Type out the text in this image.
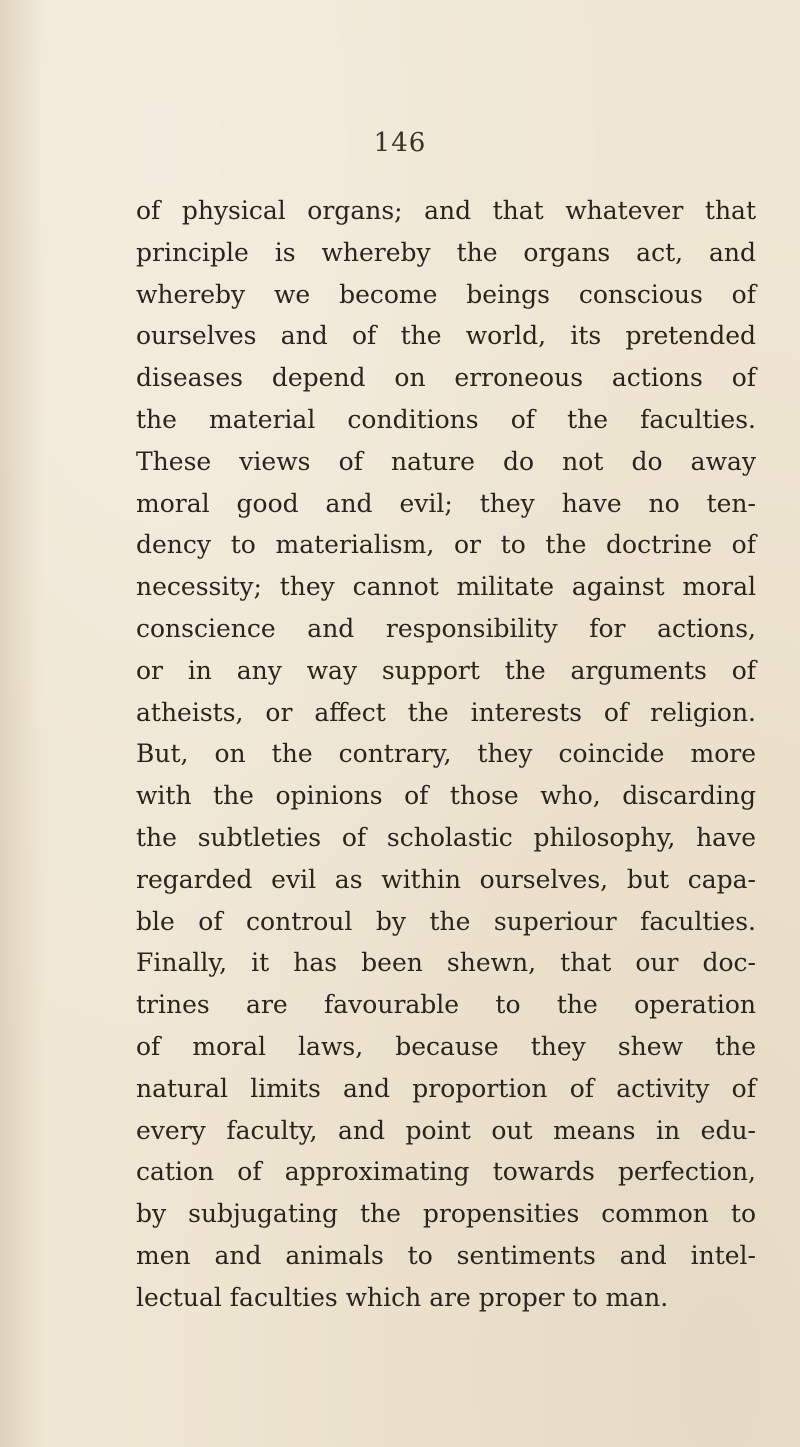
146
of physical organs; and that whatever that
principle is whereby the organs act, and
whereby we become beings conscious of
ourselves and of the world, its pretended
diseases depend on erroneous actions of
the material conditions of the faculties.
These views of nature do not do away
moral good and evil; they have no ten-
dency to materialism, or to the doctrine of
necessity; they cannot militate against moral
conscience and responsibility for actions,
or in any way support the arguments of
atheists, or affect the interests of religion.
But, on the contrary, they coincide more
with the opinions of those who, discarding
the subtleties of scholastic philosophy, have
regarded evil as within ourselves, but capa-
ble of controul by the superiour faculties.
Finally, it has been shewn, that our doc-
trines are favourable to the operation
of moral laws, because they shew the
natural limits and proportion of activity of
every faculty, and point out means in edu-
cation of approximating towards perfection,
by subjugating the propensities common to
men and animals to sentiments and intel-
lectual faculties which are proper to man.
